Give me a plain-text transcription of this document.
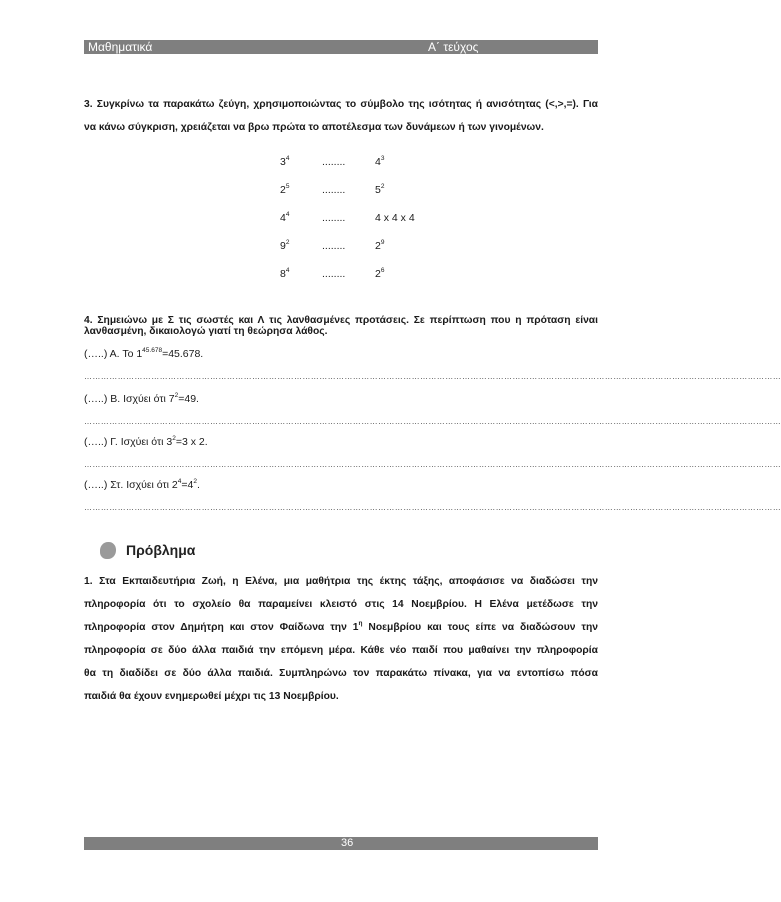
Μαθηματικά	Α΄ τεύχος
3. Συγκρίνω τα παρακάτω ζεύγη, χρησιμοποιώντας το σύμβολο της ισότητας ή ανισότητας (<,>,=). Για
να κάνω σύγκριση, χρειάζεται να βρω πρώτα το αποτέλεσμα των δυνάμεων ή των γινομένων.
$3^4$	........	$4^3$
$2^5$	........	$5^2$
$4^4$	........	4 x 4 x 4
$9^2$	........	$2^9$
$8^4$	........	$2^6$
4. Σημειώνω με Σ τις σωστές και Λ τις λανθασμένες προτάσεις. Σε περίπτωση που η πρόταση είναι
λανθασμένη, δικαιολογώ γιατί τη θεώρησα λάθος.
(…..) Α. Το $1^{45.678}=45.678$.
……………………………………………………………………………………………………………………………………………………………………………………………………………………………
(…..) Β. Ισχύει ότι $7^2=49$.
……………………………………………………………………………………………………………………………………………………………………………………………………………………………
(…..) Γ. Ισχύει ότι $3^2=3$ x 2.
……………………………………………………………………………………………………………………………………………………………………………………………………………………………
(…..) Στ. Ισχύει ότι $2^4=4^2$.
……………………………………………………………………………………………………………………………………………………………………………………………………………………………
Πρόβλημα
1. Στα Εκπαιδευτήρια Ζωή, η Ελένα, μια μαθήτρια της έκτης τάξης, αποφάσισε να διαδώσει την
πληροφορία ότι το σχολείο θα παραμείνει κλειστό στις 14 Νοεμβρίου. Η Ελένα μετέδωσε την
πληροφορία στον Δημήτρη και στον Φαίδωνα την $1^\eta$ Νοεμβρίου και τους είπε να διαδώσουν την
πληροφορία σε δύο άλλα παιδιά την επόμενη μέρα. Κάθε νέο παιδί που μαθαίνει την πληροφορία
θα τη διαδίδει σε δύο άλλα παιδιά. Συμπληρώνω τον παρακάτω πίνακα, για να εντοπίσω πόσα
παιδιά θα έχουν ενημερωθεί μέχρι τις 13 Νοεμβρίου.
36
